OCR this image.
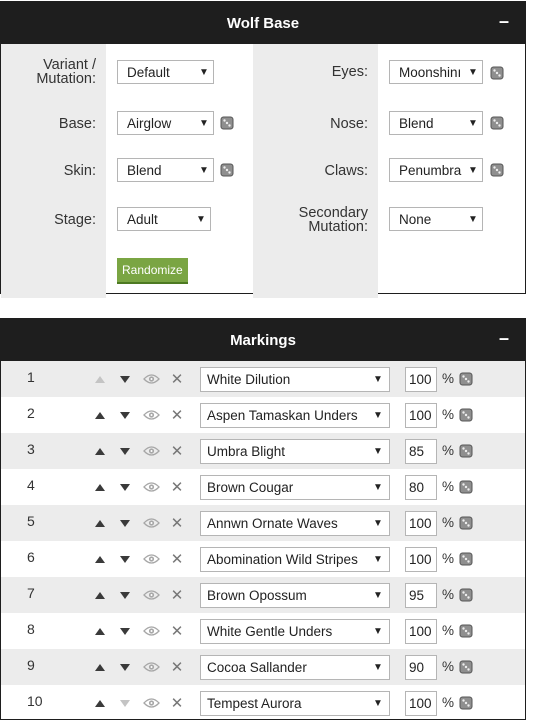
Wolf Base	–
Variant / Mutation:	Default	▼	Eyes:	Moonshinı ▼
Base:	Airglow	▼	Nose:	Blend	▼
Skin:	Blend	▼	Claws:	Penumbra ▼
Stage:	Adult	▼	Secondary Mutation:	None	▼
Randomize
Markings	–
1	✕ White Dilution	▼	100 %
2	✕ Aspen Tamaskan Unders	▼	100 %
3	✕ Umbra Blight	▼	85	%
4	✕ Brown Cougar	▼	80	%
5	✕ Annwn Ornate Waves	▼	100 %
6	✕ Abomination Wild Stripes	▼	100 %
7	✕ Brown Opossum	▼	95	%
8	✕ White Gentle Unders	▼	100 %
9	✕ Cocoa Sallander	▼	90	%
10	✕ Tempest Aurora	▼	100 %
